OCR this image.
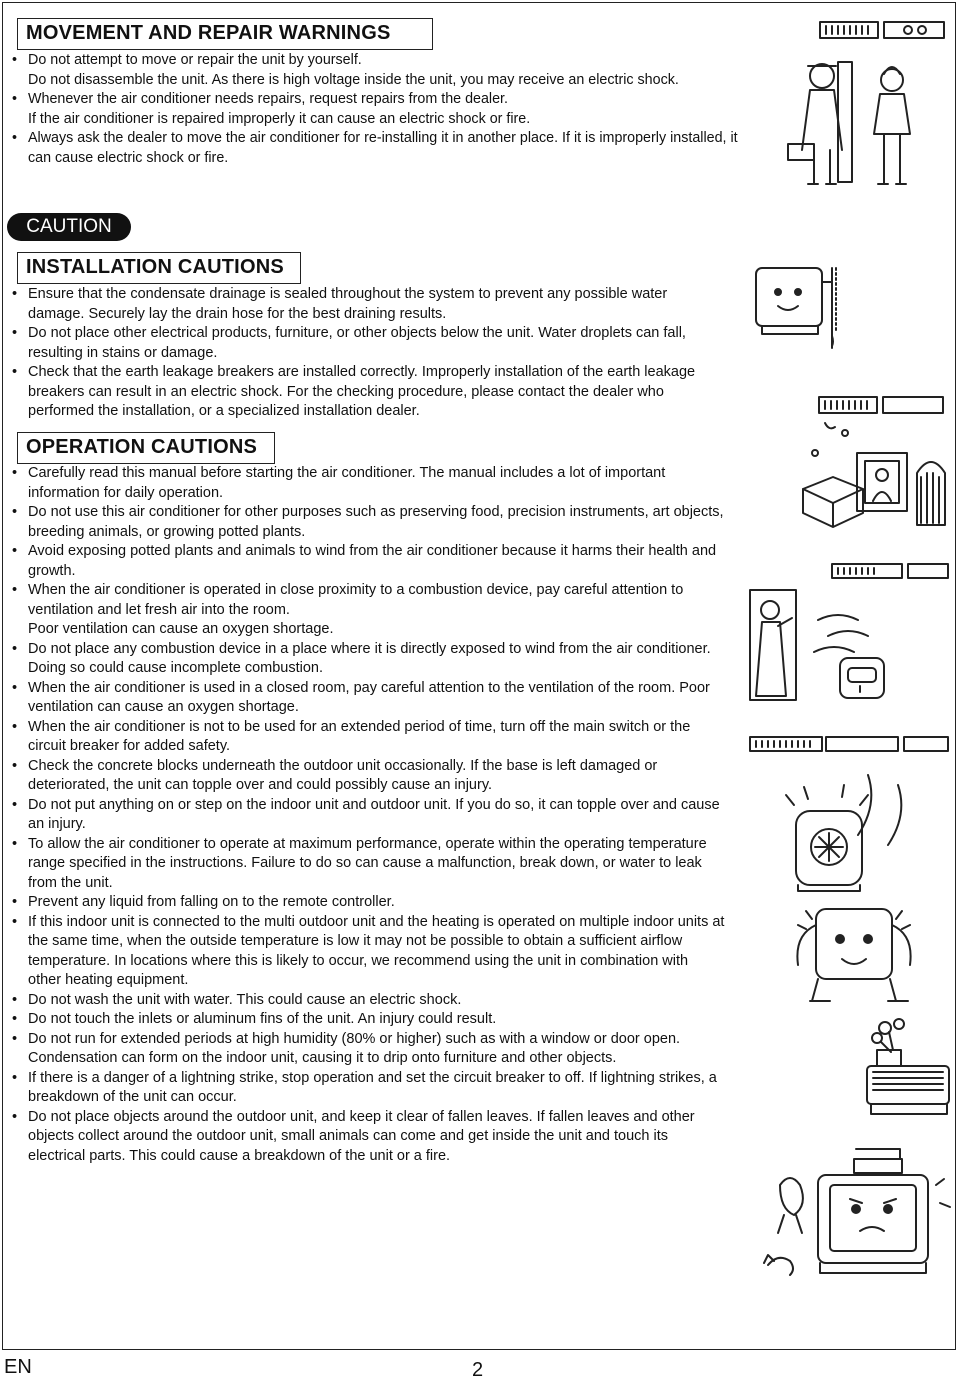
MOVEMENT AND REPAIR WARNINGS
• Do not attempt to move or repair the unit by yourself.
Do not disassemble the unit. As there is high voltage inside the unit, you may receive an electric shock.
• Whenever the air conditioner needs repairs, request repairs from the dealer.
If the air conditioner is repaired improperly it can cause an electric shock or fire.
• Always ask the dealer to move the air conditioner for re-installing it in another place. If it is improperly installed, it can cause electric shock or fire.
CAUTION
INSTALLATION CAUTIONS
• Ensure that the condensate drainage is sealed throughout the system to prevent any possible water damage. Securely lay the drain hose for the best draining results.
• Do not place other electrical products, furniture, or other objects below the unit. Water droplets can fall, resulting in stains or damage.
• Check that the earth leakage breakers are installed correctly. Improperly installation of the earth leakage breakers can result in an electric shock. For the checking procedure, please contact the dealer who performed the installation, or a specialized installation dealer.
OPERATION CAUTIONS
• Carefully read this manual before starting the air conditioner. The manual includes a lot of important information for daily operation.
• Do not use this air conditioner for other purposes such as preserving food, precision instruments, art objects, breeding animals, or growing potted plants.
• Avoid exposing potted plants and animals to wind from the air conditioner because it harms their health and growth.
• When the air conditioner is operated in close proximity to a combustion device, pay careful attention to ventilation and let fresh air into the room.
Poor ventilation can cause an oxygen shortage.
• Do not place any combustion device in a place where it is directly exposed to wind from the air conditioner. Doing so could cause incomplete combustion.
• When the air conditioner is used in a closed room, pay careful attention to the ventilation of the room. Poor ventilation can cause an oxygen shortage.
• When the air conditioner is not to be used for an extended period of time, turn off the main switch or the circuit breaker for added safety.
• Check the concrete blocks underneath the outdoor unit occasionally. If the base is left damaged or deteriorated, the unit can topple over and could possibly cause an injury.
• Do not put anything on or step on the indoor unit and outdoor unit. If you do so, it can topple over and cause an injury.
• To allow the air conditioner to operate at maximum performance, operate within the operating temperature range specified in the instructions. Failure to do so can cause a malfunction, break down, or water to leak from the unit.
• Prevent any liquid from falling on to the remote controller.
• If this indoor unit is connected to the multi outdoor unit and the heating is operated on multiple indoor units at the same time, when the outside temperature is low it may not be possible to obtain a sufficient airflow temperature. In locations where this is likely to occur, we recommend using the unit in combination with other heating equipment.
• Do not wash the unit with water. This could cause an electric shock.
• Do not touch the inlets or aluminum fins of the unit. An injury could result.
• Do not run for extended periods at high humidity (80% or higher) such as with a window or door open. Condensation can form on the indoor unit, causing it to drip onto furniture and other objects.
• If there is a danger of a lightning strike, stop operation and set the circuit breaker to off. If lightning strikes, a breakdown of the unit can occur.
• Do not place objects around the outdoor unit, and keep it clear of fallen leaves. If fallen leaves and other objects collect around the outdoor unit, small animals can come and get inside the unit and touch its electrical parts. This could cause a breakdown of the unit or a fire.
EN	2
